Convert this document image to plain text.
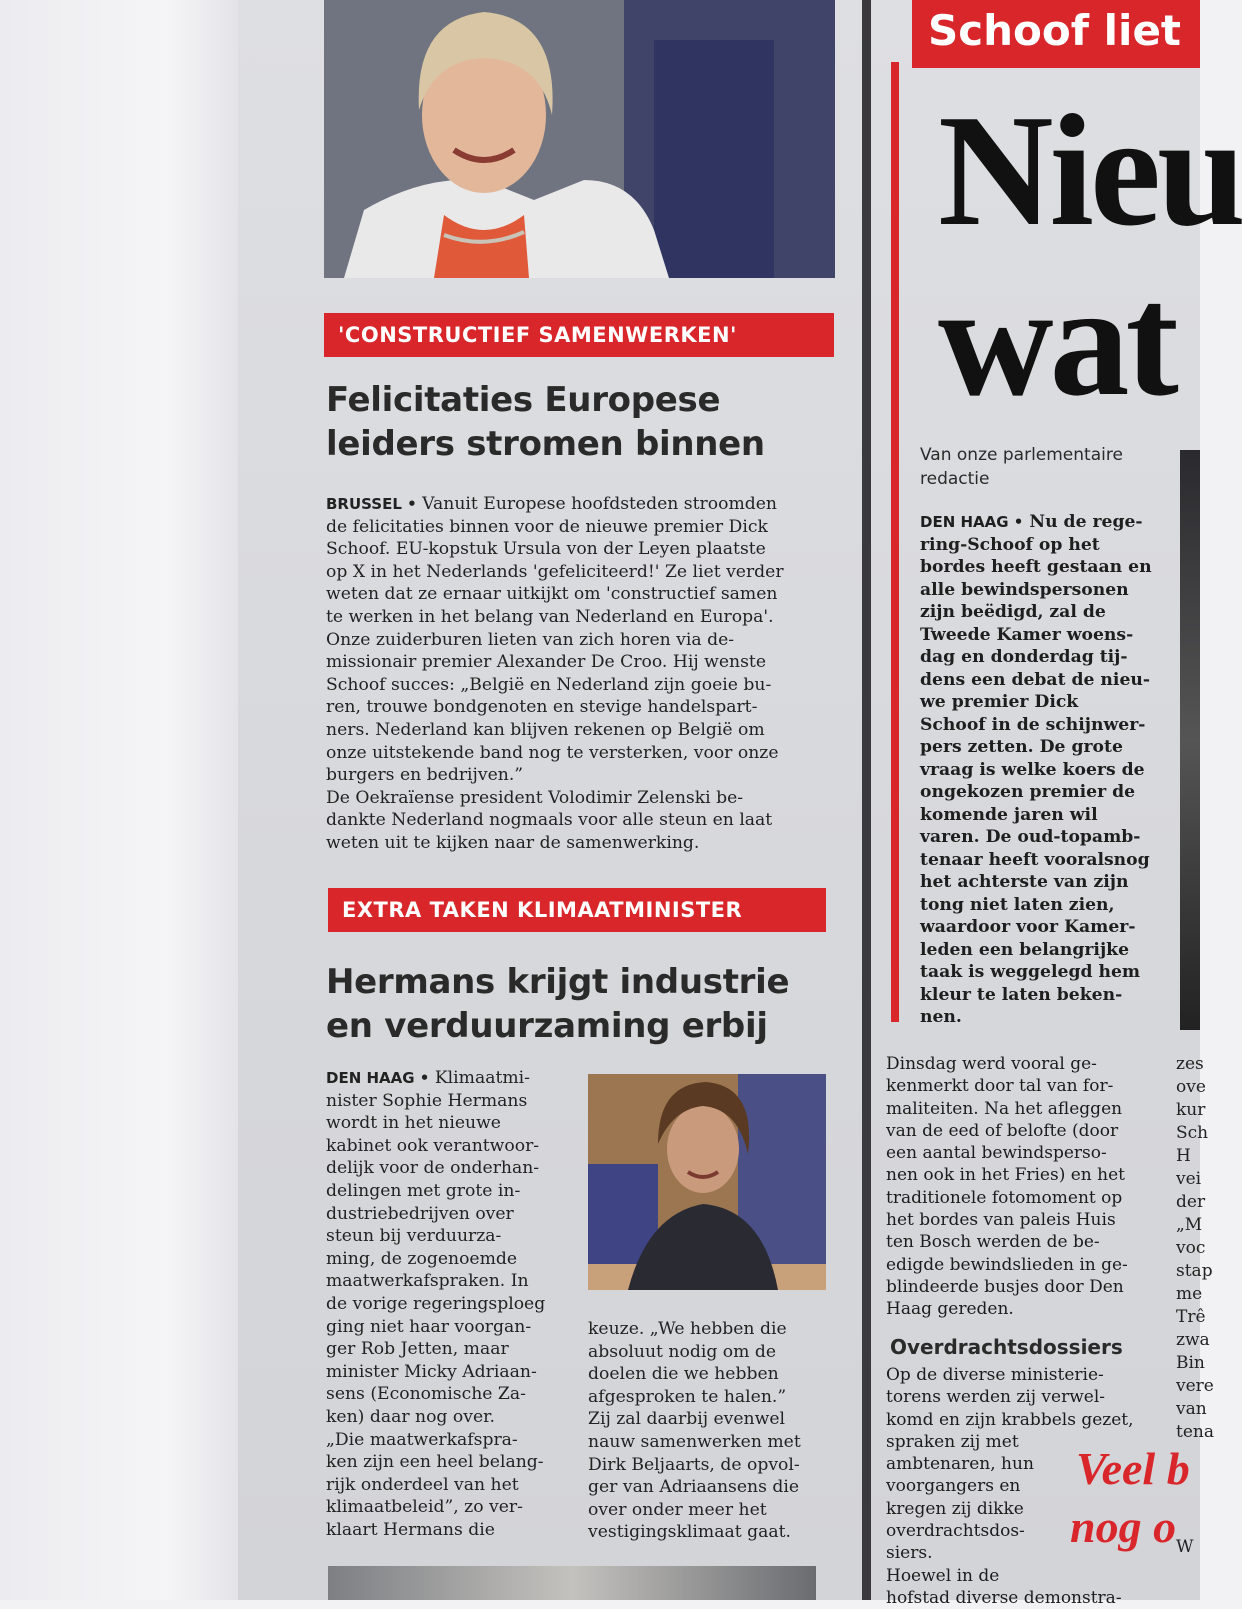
'CONSTRUCTIEF SAMENWERKEN'
Felicitaties Europese
leiders stromen binnen
BRUSSEL • Vanuit Europese hoofdsteden stroomden
de felicitaties binnen voor de nieuwe premier Dick
Schoof. EU-kopstuk Ursula von der Leyen plaatste
op X in het Nederlands 'gefeliciteerd!' Ze liet verder
weten dat ze ernaar uitkijkt om 'constructief samen
te werken in het belang van Nederland en Europa'.
Onze zuiderburen lieten van zich horen via de-
missionair premier Alexander De Croo. Hij wenste
Schoof succes: „België en Nederland zijn goeie bu-
ren, trouwe bondgenoten en stevige handelspart-
ners. Nederland kan blijven rekenen op België om
onze uitstekende band nog te versterken, voor onze
burgers en bedrijven.”
De Oekraïense president Volodimir Zelenski be-
dankte Nederland nogmaals voor alle steun en laat
weten uit te kijken naar de samenwerking.
EXTRA TAKEN KLIMAATMINISTER
Hermans krijgt industrie
en verduurzaming erbij
DEN HAAG • Klimaatmi-
nister Sophie Hermans
wordt in het nieuwe
kabinet ook verantwoor-
delijk voor de onderhan-
delingen met grote in-
dustriebedrijven over
steun bij verduurza-
ming, de zogenoemde
maatwerkafspraken. In
de vorige regeringsploeg
ging niet haar voorgan-
ger Rob Jetten, maar
minister Micky Adriaan-
sens (Economische Za-
ken) daar nog over.
„Die maatwerkafspra-
ken zijn een heel belang-
rijk onderdeel van het
klimaatbeleid”, zo ver-
klaart Hermans die
keuze. „We hebben die
absoluut nodig om de
doelen die we hebben
afgesproken te halen.”
Zij zal daarbij evenwel
nauw samenwerken met
Dirk Beljaarts, de opvol-
ger van Adriaansens die
over onder meer het
vestigingsklimaat gaat.
Schoof liet
Nieu
wat
Van onze parlementaire
redactie
DEN HAAG • Nu de rege-
ring-Schoof op het
bordes heeft gestaan en
alle bewindspersonen
zijn beëdigd, zal de
Tweede Kamer woens-
dag en donderdag tij-
dens een debat de nieu-
we premier Dick
Schoof in de schijnwer-
pers zetten. De grote
vraag is welke koers de
ongekozen premier de
komende jaren wil
varen. De oud-topamb-
tenaar heeft vooralsnog
het achterste van zijn
tong niet laten zien,
waardoor voor Kamer-
leden een belangrijke
taak is weggelegd hem
kleur te laten beken-
nen.
Dinsdag werd vooral ge-
kenmerkt door tal van for-
maliteiten. Na het afleggen
van de eed of belofte (door
een aantal bewindsperso-
nen ook in het Fries) en het
traditionele fotomoment op
het bordes van paleis Huis
ten Bosch werden de be-
edigde bewindslieden in ge-
blindeerde busjes door Den
Haag gereden.
Overdrachtsdossiers
Op de diverse ministerie-
torens werden zij verwel-
komd en zijn krabbels gezet,
spraken zij met
ambtenaren, hun
voorgangers en
kregen zij dikke
overdrachtsdos-
siers.
Hoewel in de
hofstad diverse demonstra-
Veel b
nog o
zes
ove
kur
Sch
H
vei
der
„M
voc
stap
me
Trê
zwa
Bin
vere
van
tena
W
